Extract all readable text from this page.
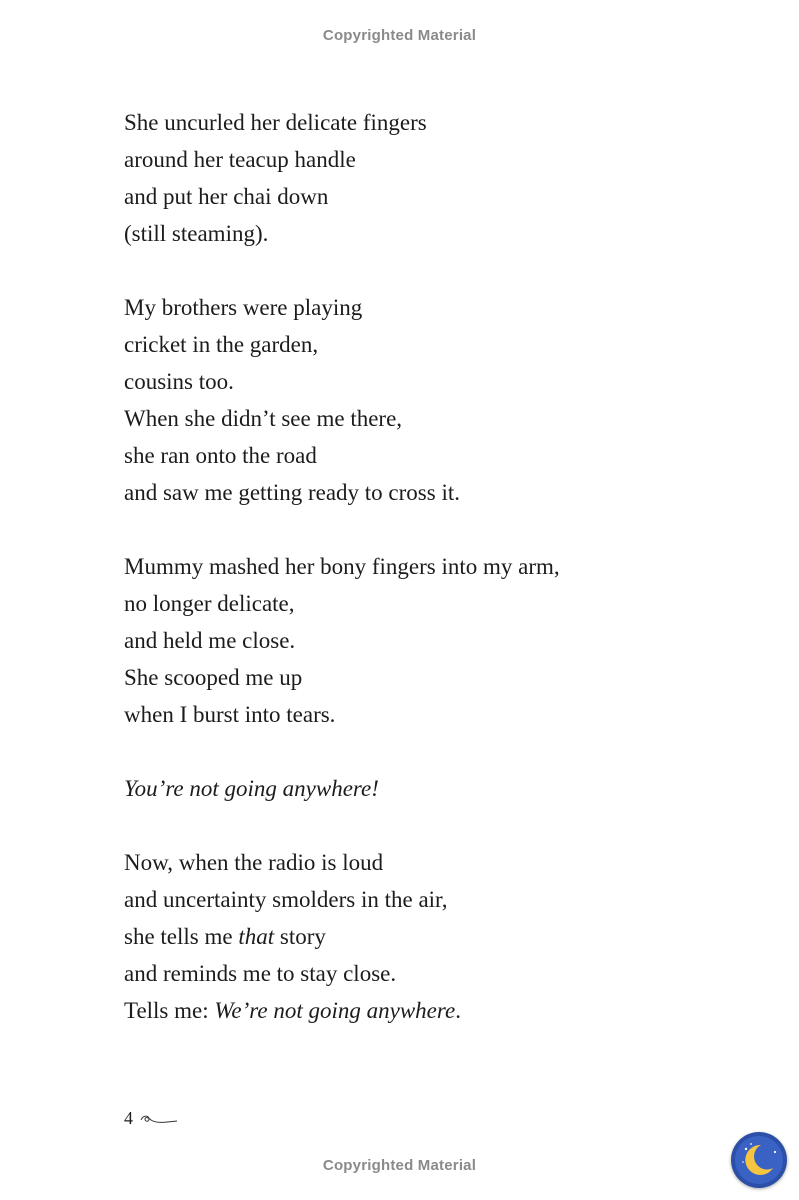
Copyrighted Material
She uncurled her delicate fingers
around her teacup handle
and put her chai down
(still steaming).
My brothers were playing
cricket in the garden,
cousins too.
When she didn’t see me there,
she ran onto the road
and saw me getting ready to cross it.
Mummy mashed her bony fingers into my arm,
no longer delicate,
and held me close.
She scooped me up
when I burst into tears.
You’re not going anywhere!
Now, when the radio is loud
and uncertainty smolders in the air,
she tells me that story
and reminds me to stay close.
Tells me: We’re not going anywhere.
4
Copyrighted Material
